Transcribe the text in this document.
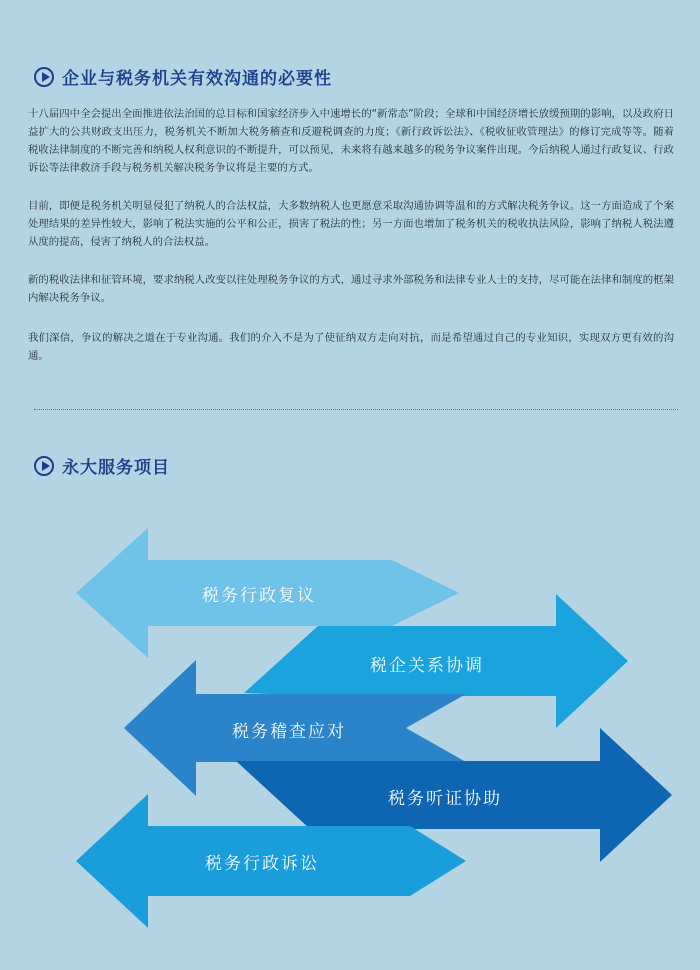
企业与税务机关有效沟通的必要性

十八届四中全会提出全面推进依法治国的总目标和国家经济步入中速增长的“新常态”阶段；全球和中国经济增长放缓预期的影响，以及政府日益扩大的公共财政支出压力，税务机关不断加大税务稽查和反避税调查的力度；《新行政诉讼法》、《税收征收管理法》的修订完成等等。随着税收法律制度的不断完善和纳税人权利意识的不断提升，可以预见，未来将有越来越多的税务争议案件出现。今后纳税人通过行政复议、行政诉讼等法律救济手段与税务机关解决税务争议将是主要的方式。

目前，即便是税务机关明显侵犯了纳税人的合法权益，大多数纳税人也更愿意采取沟通协调等温和的方式解决税务争议。这一方面造成了个案处理结果的差异性较大，影响了税法实施的公平和公正，损害了税法的性；另一方面也增加了税务机关的税收执法风险，影响了纳税人税法遵从度的提高，侵害了纳税人的合法权益。

新的税收法律和征管环境，要求纳税人改变以往处理税务争议的方式，通过寻求外部税务和法律专业人士的支持，尽可能在法律和制度的框架内解决税务争议。

我们深信，争议的解决之道在于专业沟通。我们的介入不是为了使征纳双方走向对抗，而是希望通过自己的专业知识，实现双方更有效的沟通。

永大服务项目
税务行政复议
税企关系协调
税务稽查应对
税务听证协助
税务行政诉讼
